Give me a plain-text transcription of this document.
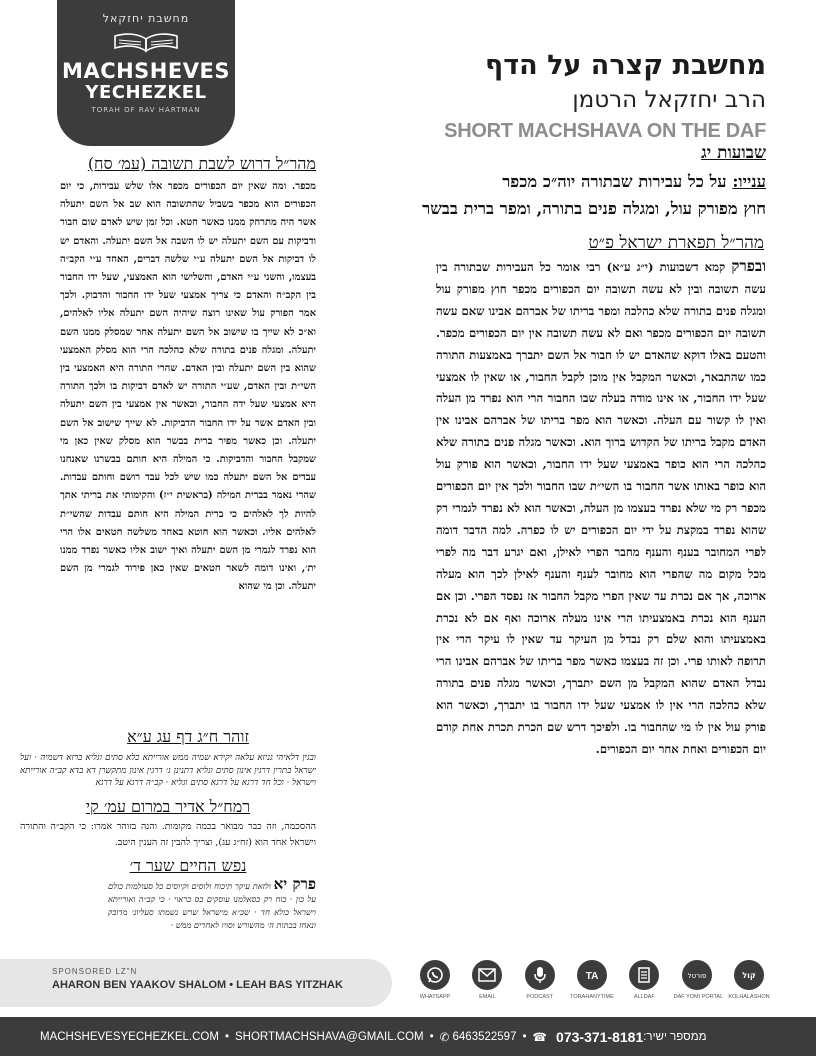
מחשבת יחזקאל
MACHSHEVES
YECHEZKEL
TORAH OF RAV HARTMAN
מחשבת קצרה על הדף
הרב יחזקאל הרטמן
SHORT MACHSHAVA ON THE DAF
שבועות יג
ענייו: על כל עבירות שבתורה יוה״כ מכפר
חוץ מפורק עול, ומגלה פנים בתורה, ומפר ברית בבשר
מהר״ל תפארת ישראל פ״ט
ובפרק קמא דשבועות (י״ג ע״א) רבי אומר כל העבירות שבתורה בין עשה תשובה ובין לא עשה תשובה יום הכפורים מכפר חוץ מפורק עול ומגלה פנים בתורה שלא כהלכה ומפר בריתו של אברהם אבינו שאם עשה תשובה יום הכפורים מכפר ואם לא עשה תשובה אין יום הכפורים מכפר. והטעם באלו דוקא שהאדם יש לו חבור אל השם יתברך באמצעות התורה כמו שהתבאר, וכאשר המקבל אין מוכן לקבל החבור, או שאין לו אמצעי שעל ידו החבור, או אינו מודה בעלה שבו החבור הרי הוא נפרד מן העלה ואין לו קשור עם העלה. וכאשר הוא מפר בריתו של אברהם אבינו אין האדם מקבל בריתו של הקדוש ברוך הוא. וכאשר מגלה פנים בתורה שלא כהלכה הרי הוא כופר באמצעי שעל ידו החבור, וכאשר הוא פורק עול הוא כופר באותו אשר החבור בו השי״ת שבו החבור ולכך אין יום הכפורים מכפר רק מי שלא נפרד בעצמו מן העלה, וכאשר הוא לא נפרד לגמרי רק שהוא נפרד במקצת על ידי יום הכפורים יש לו כפרה. למה הדבר דומה לפרי המחובר בענף והענף מחבר הפרי לאילן, ואם יגרע דבר מה לפרי מכל מקום מה שהפרי הוא מחובר לענף והענף לאילן לכך הוא מעלה ארוכה, אך אם נכרת עד שאין הפרי מקבל החבור אז נפסד הפרי. וכן אם הענף הוא נכרת באמצעיתו הרי אינו מעלה ארוכה ואף אם לא נכרת באמצעיתו והוא שלם רק נבדל מן העיקר עד שאין לו עיקר הרי אין תרופה לאותו פרי. וכן זה בעצמו כאשר מפר בריתו של אברהם אבינו הרי נבדל האדם שהוא המקבל מן השם יתברך, וכאשר מגלה פנים בתורה שלא כהלכה הרי אין לו אמצעי שעל ידו החבור בו יתברך, וכאשר הוא פורק עול אין לו מי שהחבור בו. ולפיכך דרש שם הכרת תכרת אחת קודם יום הכפורים ואחת אחר יום הכפורים.
מהר״ל דרוש לשבת תשובה (עמ׳ סח)
מכפר. ומה שאין יום הכפורים מכפר אלו שלש עבירות, כי יום הכפורים הוא מכפר בשביל שהתשובה הוא שב אל השם יתעלה אשר היה מתרחק ממנו כאשר חטא. וכל זמן שיש לאדם שום חבור ודביקות עם השם יתעלה יש לו השבה אל השם יתעלה. והאדם יש לו דביקות אל השם יתעלה ע״י שלשה דברים, האחד ע״י הקב״ה בעצמו, והשני ע״י האדם, והשלישי הוא האמצעי, שעל ידו החבור בין הקב״ה והאדם כי צריך אמצעי שעל ידו החבור והדבוק. ולכך אמר הפורק עול שאינו רוצה שיהיה השם יתעלה אליו לאלהים, וא״כ לא שייך בו שישוב אל השם יתעלה אחר שמסלק ממנו השם יתעלה. ומגלה פנים בתורה שלא כהלכה הרי הוא מסלק האמצעי שהוא בין השם יתעלה ובין האדם. שהרי התורה היא האמצעי בין השי״ת ובין האדם, שע״י התורה יש לאדם דביקות בו ולכך התורה היא אמצעי שעל ידה החבור, וכאשר אין אמצעי בין השם יתעלה ובין האדם אשר על ידו החבור הדביקות. לא שייך שישוב אל השם יתעלה. וכן כאשר מפיר ברית בבשר הוא מסלק שאין כאן מי שמקבל החבור והדביקות. כי המילה היא חותם בבשרנו שאנחנו עבדים אל השם יתעלה כמו שיש לכל עבד רושם וחותם עבדות. שהרי נאמר בברית המילה (בראשית י״ז) והקימותי את בריתי אתך להיות לך לאלהים כי ברית המילה היא חותם עבדות שהשי״ת לאלהים אליו. וכאשר הוא חוטא באחד משלשה חטאים אלו הרי הוא נפרד לגמרי מן השם יתעלה ואיך ישוב אליו כאשר נפרד ממנו ית׳, ואינו דומה לשאר חטאים שאין כאן פירוד לגמרי מן השם יתעלה. וכן מי שהוא
זוהר ח״ג דף עג ע״א
ובגין דלאיהי גניזא עלאה יקירא שמיה ממש אורייתא כלא סתים וגליא ברזא דשמיה · ועל ישראל בתרין דרגין אינון סתים וגליא דתנינן ג׳ דרגין אינון מתקשרן דא בדא קב״ה אורייתא וישראל · וכל חד דרגא על דרגא סתים וגליא · קב״ה דרגא על דרגא
רמח״ל אדיר במרום עמ׳ קי
ההסכמה, וזה כבר מבואר בכמה מקומות. והנה בזוהר אמרו: כי הקב״ה והתורה וישראל אחד הוא (זח״ג עג), וצריך להבין זה הענין היטב.
נפש החיים שער ד׳
פרק יא ולזאת עיקר תיכוח ולוסים וקיוסים כל סעולמות כולם על כון · כוח רק כסאלמנו עוסקים כס כראוי · כי קב״ה ואורייתא וישראל כולא חד · שכ״א מישראל שרש נשמתו סעליונ׳ מדובק ונאחז בכתות ה׳ מהשורש וסויו לאחדים ממש ·
SPONSORED LZ"N
AHARON BEN YAAKOV SHALOM • LEAH BAS YITZHAK
WHATSAPP	EMAIL	PODCAST
TA
TORAHANYTIME	ALLDAF
פורטל
DAF YOMI PORTAL
קול
KOLHALASHON
MACHSHEVESYECHEZKEL.COM • SHORTMACHSHAVA@GMAIL.COM • ✆ 6463522597 • ☎ 073-371-8181 ממספר ישיר:
